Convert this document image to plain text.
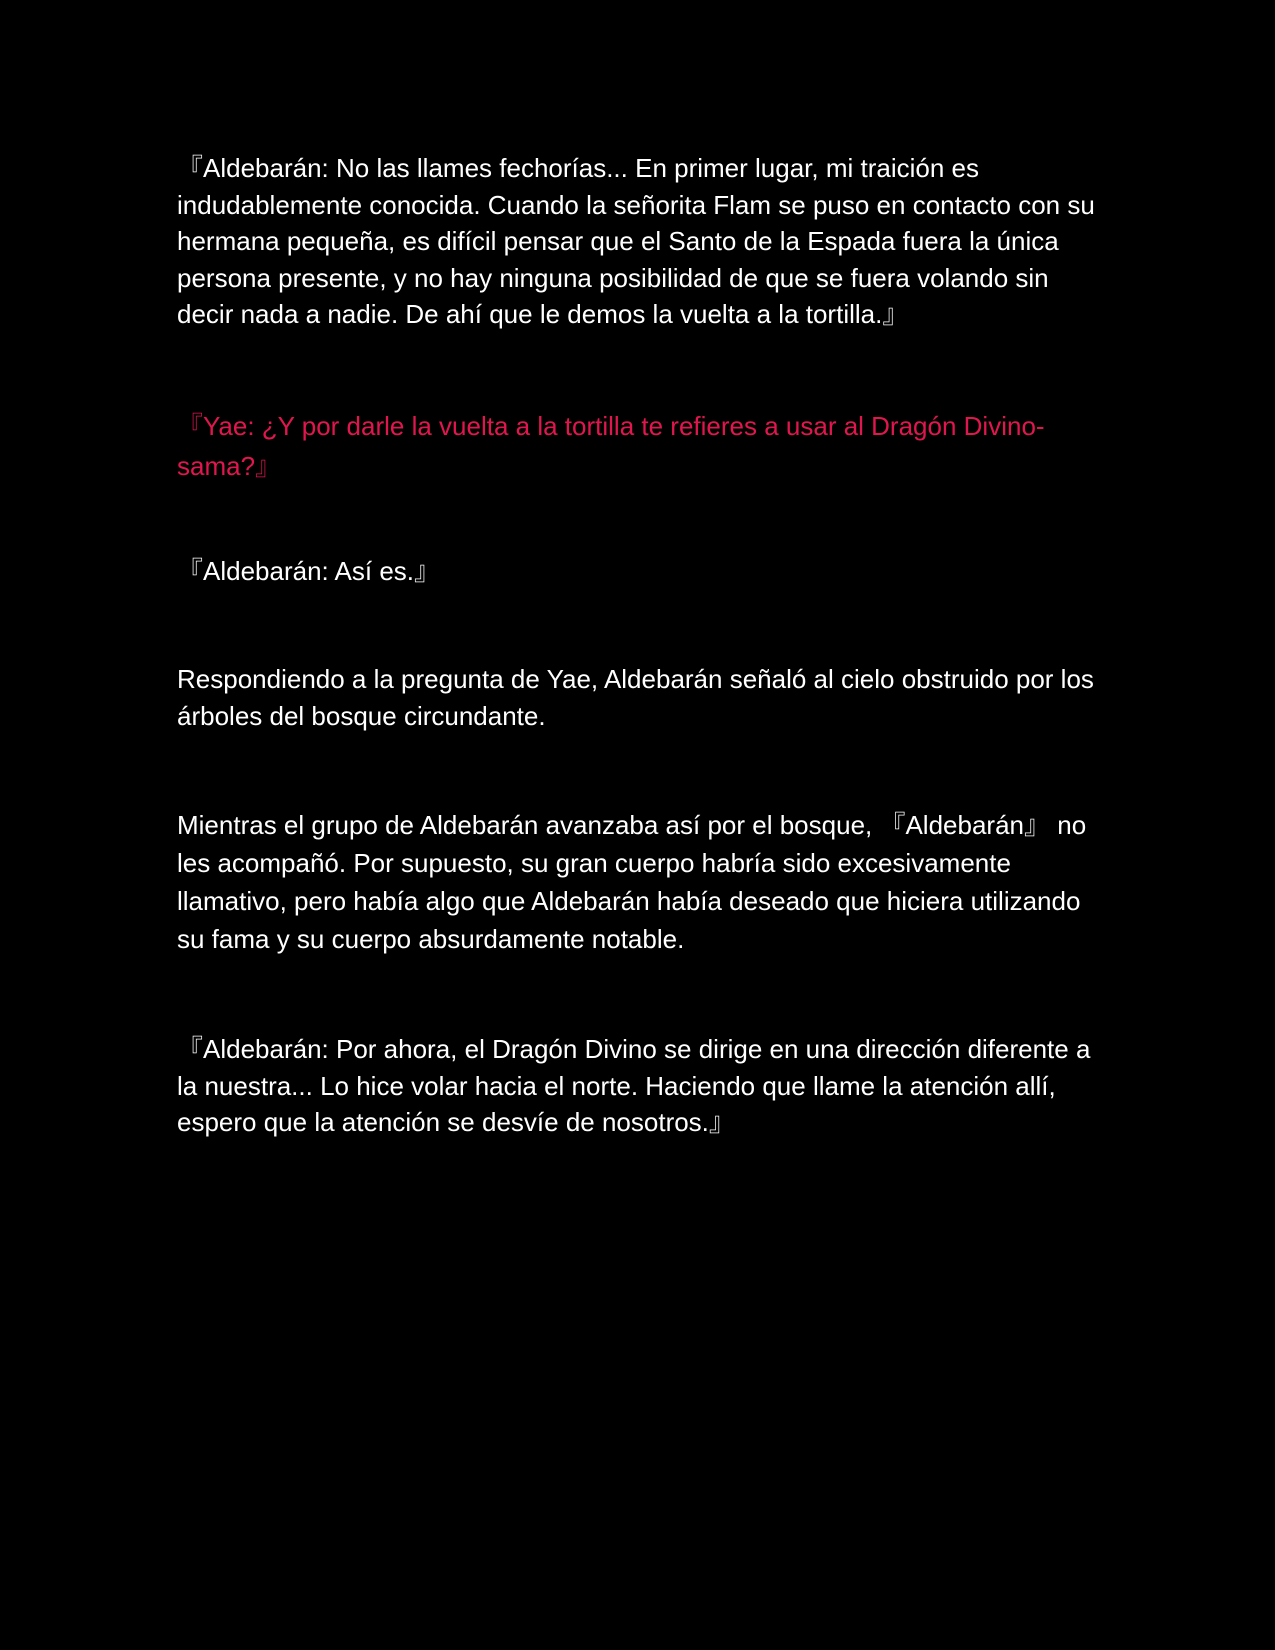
『Aldebarán: No las llames fechorías... En primer lugar, mi traición es indudablemente conocida. Cuando la señorita Flam se puso en contacto con su hermana pequeña, es difícil pensar que el Santo de la Espada fuera la única persona presente, y no hay ninguna posibilidad de que se fuera volando sin decir nada a nadie. De ahí que le demos la vuelta a la tortilla.』

『Yae: ¿Y por darle la vuelta a la tortilla te refieres a usar al Dragón Divino-sama?』

『Aldebarán: Así es.』

Respondiendo a la pregunta de Yae, Aldebarán señaló al cielo obstruido por los árboles del bosque circundante.

Mientras el grupo de Aldebarán avanzaba así por el bosque, 『Aldebarán』 no les acompañó. Por supuesto, su gran cuerpo habría sido excesivamente llamativo, pero había algo que Aldebarán había deseado que hiciera utilizando su fama y su cuerpo absurdamente notable.

『Aldebarán: Por ahora, el Dragón Divino se dirige en una dirección diferente a la nuestra... Lo hice volar hacia el norte. Haciendo que llame la atención allí, espero que la atención se desvíe de nosotros.』
